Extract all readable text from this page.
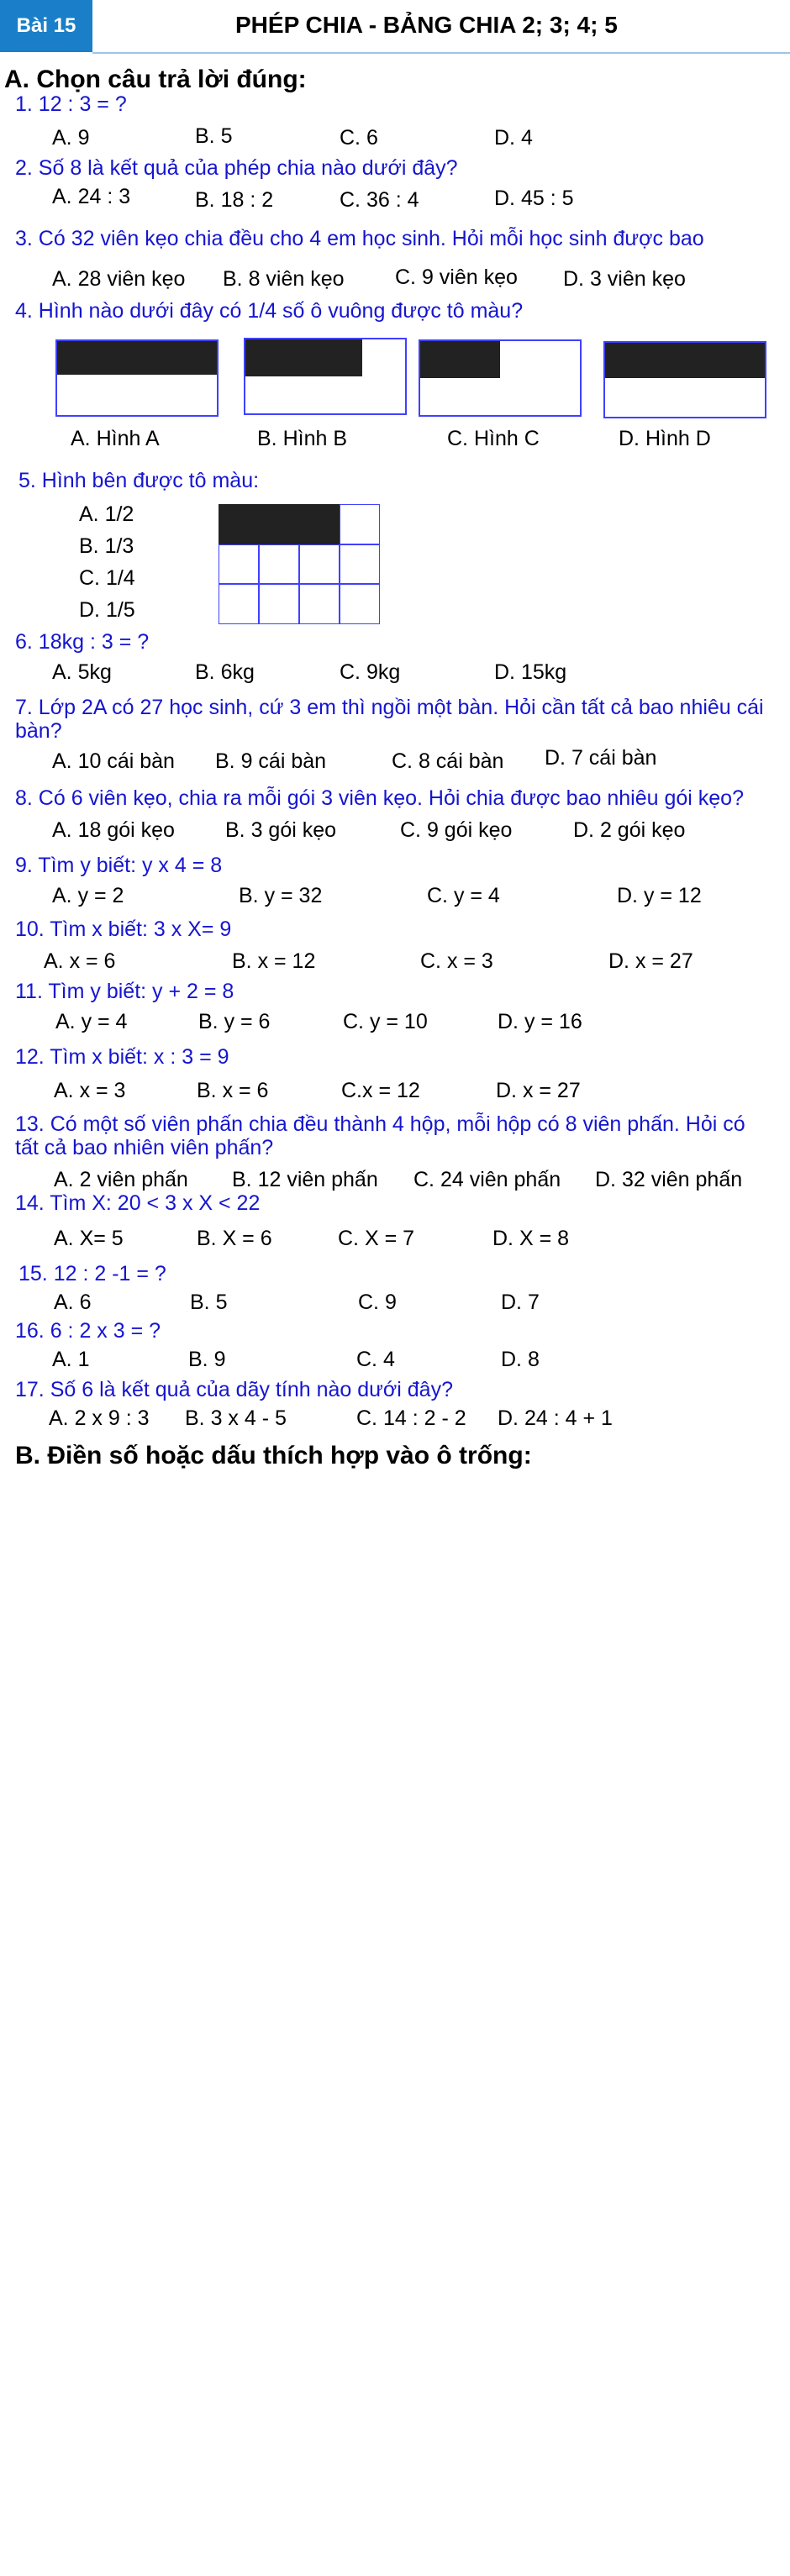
Bài 15	PHÉP CHIA - BẢNG CHIA 2; 3; 4; 5
A. Chọn câu trả lời đúng:
1. 12 : 3 = ?
A. 9	B. 5	C. 6	D. 4
2. Số 8 là kết quả của phép chia nào dưới đây?
A. 24 : 3	B. 18 : 2	C. 36 : 4	D. 45 : 5
3. Có 32 viên kẹo chia đều cho 4 em học sinh. Hỏi mỗi học sinh được bao
A. 28 viên kẹo B. 8 viên kẹo C. 9 viên kẹo D. 3 viên kẹo
4. Hình nào dưới đây có 1/4 số ô vuông được tô màu?
A. Hình A	B. Hình B	C. Hình C	D. Hình D
5. Hình bên được tô màu:
A. 1/2
B. 1/3
C. 1/4
D. 1/5
6. 18kg : 3 = ?
A. 5kg	B. 6kg	C. 9kg	D. 15kg
7. Lớp 2A có 27 học sinh, cứ 3 em thì ngồi một bàn. Hỏi cần tất cả bao nhiêu cái bàn?
A. 10 cái bàn B. 9 cái bàn	C. 8 cái bàn D. 7 cái bàn
8. Có 6 viên kẹo, chia ra mỗi gói 3 viên kẹo. Hỏi chia được bao nhiêu gói kẹo?
A. 18 gói kẹo B. 3 gói kẹo	C. 9 gói kẹo	D. 2 gói kẹo
9. Tìm y biết: y x 4 = 8
A. y = 2	B. y = 32	C. y = 4	D. y = 12
10. Tìm x biết: 3 x X= 9
A. x = 6	B. x = 12	C. x = 3	D. x = 27
11. Tìm y biết: y + 2 = 8
A. y = 4	B. y = 6	C. y = 10	D. y = 16
12. Tìm x biết: x : 3 = 9
A. x = 3	B. x = 6	C.x = 12	D. x = 27
13. Có một số viên phấn chia đều thành 4 hộp, mỗi hộp có 8 viên phấn. Hỏi có tất cả bao nhiên viên phấn?
A. 2 viên phấn B. 12 viên phấn C. 24 viên phấn D. 32 viên phấn
14. Tìm X: 20 < 3 x X < 22
A. X= 5	B. X = 6	C. X = 7	D. X = 8
15. 12 : 2 -1 = ?
A. 6	B. 5	C. 9	D. 7
16. 6 : 2 x 3 = ?
A. 1	B. 9	C. 4	D. 8
17. Số 6 là kết quả của dãy tính nào dưới đây?
A. 2 x 9 : 3 B. 3 x 4 - 5	C. 14 : 2 - 2 D. 24 : 4 + 1
B. Điền số hoặc dấu thích hợp vào ô trống:
